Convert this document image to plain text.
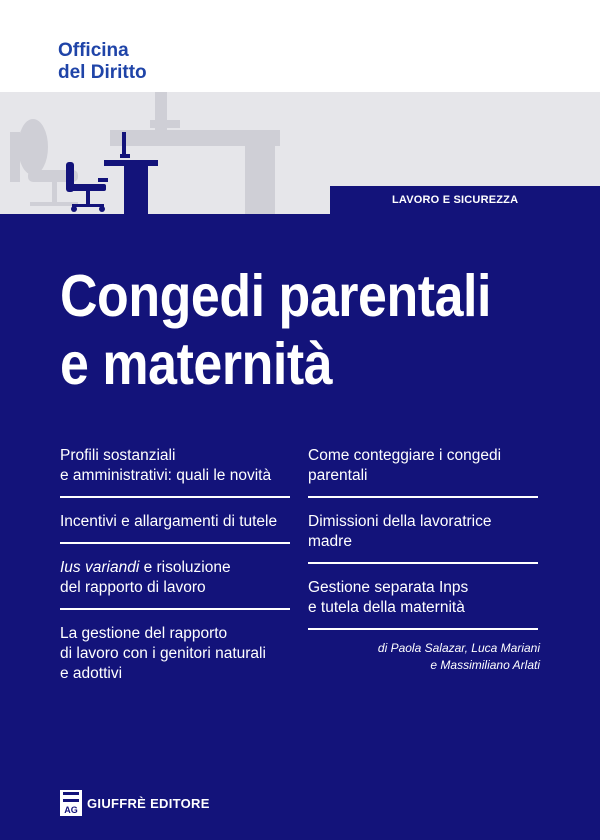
Officina
del Diritto
LAVORO E SICUREZZA
Congedi parentali
e maternità
Profili sostanziali
e amministrativi: quali le novità
Incentivi e allargamenti di tutele
Ius variandi e risoluzione
del rapporto di lavoro
La gestione del rapporto
di lavoro con i genitori naturali
e adottivi
Come conteggiare i congedi
parentali
Dimissioni della lavoratrice
madre
Gestione separata Inps
e tutela della maternità
di Paola Salazar, Luca Mariani
e Massimiliano Arlati
AG GIUFFRÈ EDITORE
